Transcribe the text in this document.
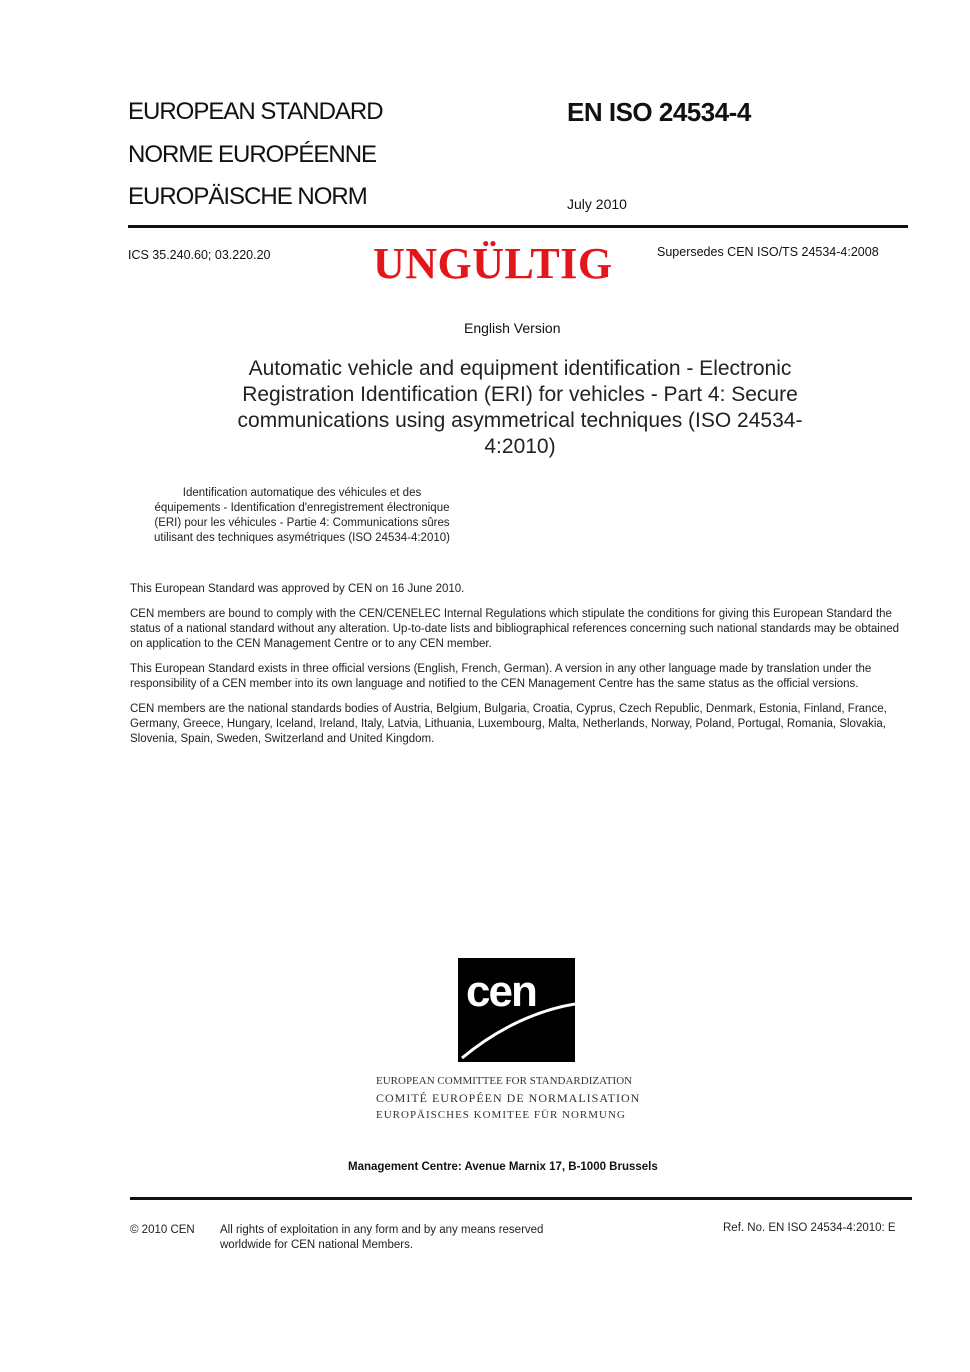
EUROPEAN STANDARD
NORME EUROPÉENNE
EUROPÄISCHE NORM
EN ISO 24534-4
July 2010
ICS 35.240.60; 03.220.20 UNGÜLTIG	Supersedes CEN ISO/TS 24534-4:2008
English Version
Automatic vehicle and equipment identification - Electronic
Registration Identification (ERI) for vehicles - Part 4: Secure
communications using asymmetrical techniques (ISO 24534-
4:2010)
Identification automatique des véhicules et des
équipements - Identification d'enregistrement électronique
(ERI) pour les véhicules - Partie 4: Communications sûres
utilisant des techniques asymétriques (ISO 24534-4:2010)

This European Standard was approved by CEN on 16 June 2010.

CEN members are bound to comply with the CEN/CENELEC Internal Regulations which stipulate the conditions for giving this European Standard the status of a national standard without any alteration. Up-to-date lists and bibliographical references concerning such national standards may be obtained on application to the CEN Management Centre or to any CEN member.

This European Standard exists in three official versions (English, French, German). A version in any other language made by translation under the responsibility of a CEN member into its own language and notified to the CEN Management Centre has the same status as the official versions.

CEN members are the national standards bodies of Austria, Belgium, Bulgaria, Croatia, Cyprus, Czech Republic, Denmark, Estonia, Finland, France, Germany, Greece, Hungary, Iceland, Ireland, Italy, Latvia, Lithuania, Luxembourg, Malta, Netherlands, Norway, Poland, Portugal, Romania, Slovakia, Slovenia, Spain, Sweden, Switzerland and United Kingdom.

cen
EUROPEAN COMMITTEE FOR STANDARDIZATION
COMITÉ EUROPÉEN DE NORMALISATION
EUROPÄISCHES KOMITEE FÜR NORMUNG
Management Centre: Avenue Marnix 17, B-1000 Brussels
© 2010 CEN All rights of exploitation in any form and by any means reserved
worldwide for CEN national Members.
Ref. No. EN ISO 24534-4:2010: E
